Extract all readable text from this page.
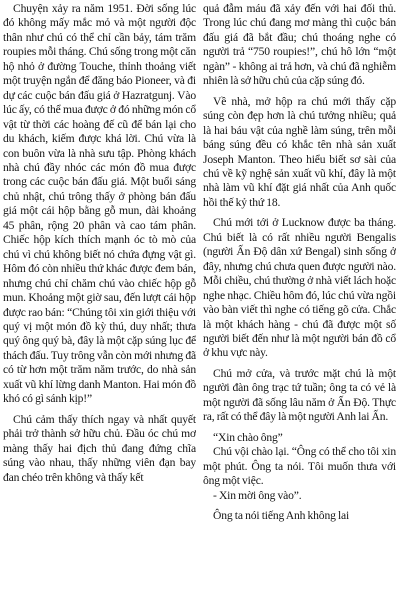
Chuyện xảy ra năm 1951. Đời sống lúc đó không mấy mắc mỏ và một người độc thân như chú có thể chỉ cần bảy, tám trăm roupies mỗi tháng. Chú sống trong một căn hộ nhỏ ở đường Touche, thỉnh thoảng viết một truyện ngắn để đăng báo Pioneer, và đi dự các cuộc bán đấu giá ở Hazratgunj. Vào lúc ấy, có thể mua được ở đó những món cổ vật từ thời các hoàng đế cũ để bán lại cho du khách, kiếm được khá lời. Chú vừa là con buôn vừa là nhà sưu tập. Phòng khách nhà chú đầy nhóc các món đồ mua được trong các cuộc bán đấu giá. Một buổi sáng chủ nhật, chú trông thấy ở phòng bán đấu giá một cái hộp bằng gỗ mun, dài khoảng 45 phân, rộng 20 phân và cao tám phân. Chiếc hộp kích thích mạnh óc tò mò của chú vì chú không biết nó chứa đựng vật gì. Hôm đó còn nhiều thứ khác được đem bán, nhưng chú chỉ chăm chú vào chiếc hộp gỗ mun. Khoảng một giờ sau, đến lượt cái hộp được rao bán: “Chúng tôi xin giới thiệu với quý vị một món đồ kỳ thú, duy nhất; thưa quý ông quý bà, đây là một cặp súng lục để thách đấu. Tuy trông vẫn còn mới nhưng đã có từ hơn một trăm năm trước, do nhà sản xuất vũ khí lừng danh Manton. Hai món đồ khó có gì sánh kịp!”

Chú cảm thấy thích ngay và nhất quyết phải trở thành sở hữu chủ. Đầu óc chú mơ màng thấy hai địch thủ đang đứng chĩa súng vào nhau, thấy những viên đạn bay đan chéo trên không và thấy kết

quả đẫm máu đã xảy đến với hai đối thủ. Trong lúc chú đang mơ màng thì cuộc bán đấu giá đã bắt đầu; chú thoáng nghe có người trả “750 roupies!”, chú hô lớn “một ngàn” - không ai trả hơn, và chú đã nghiễm nhiên là sở hữu chủ của cặp súng đó.

Về nhà, mở hộp ra chú mới thấy cặp súng còn đẹp hơn là chú tưởng nhiều; quả là hai báu vật của nghề làm súng, trên mỗi báng súng đều có khắc tên nhà sản xuất Joseph Manton. Theo hiểu biết sơ sài của chú về kỹ nghệ sản xuất vũ khí, đây là một nhà làm vũ khí đặt giá nhất của Anh quốc hồi thế kỷ thứ 18.

Chú mới tới ở Lucknow được ba tháng. Chú biết là có rất nhiều người Bengalis (người Ấn Độ dân xứ Bengal) sinh sống ở đây, nhưng chú chưa quen được người nào. Mỗi chiều, chú thường ở nhà viết lách hoặc nghe nhạc. Chiều hôm đó, lúc chú vừa ngồi vào bàn viết thì nghe có tiếng gõ cửa. Chắc là một khách hàng - chú đã được một số người biết đến như là một người bán đồ cổ ở khu vực này.

Chú mở cửa, và trước mặt chú là một người đàn ông trạc tứ tuần; ông ta có vẻ là một người đã sống lâu năm ở Ấn Độ. Thực ra, rất có thể đây là một người Anh lai Ấn.

“Xin chào ông”

Chú vội chào lại. “Ông có thể cho tôi xin một phút. Ông ta nói. Tôi muốn thưa với ông một việc.

- Xin mời ông vào”.

Ông ta nói tiếng Anh không lai
